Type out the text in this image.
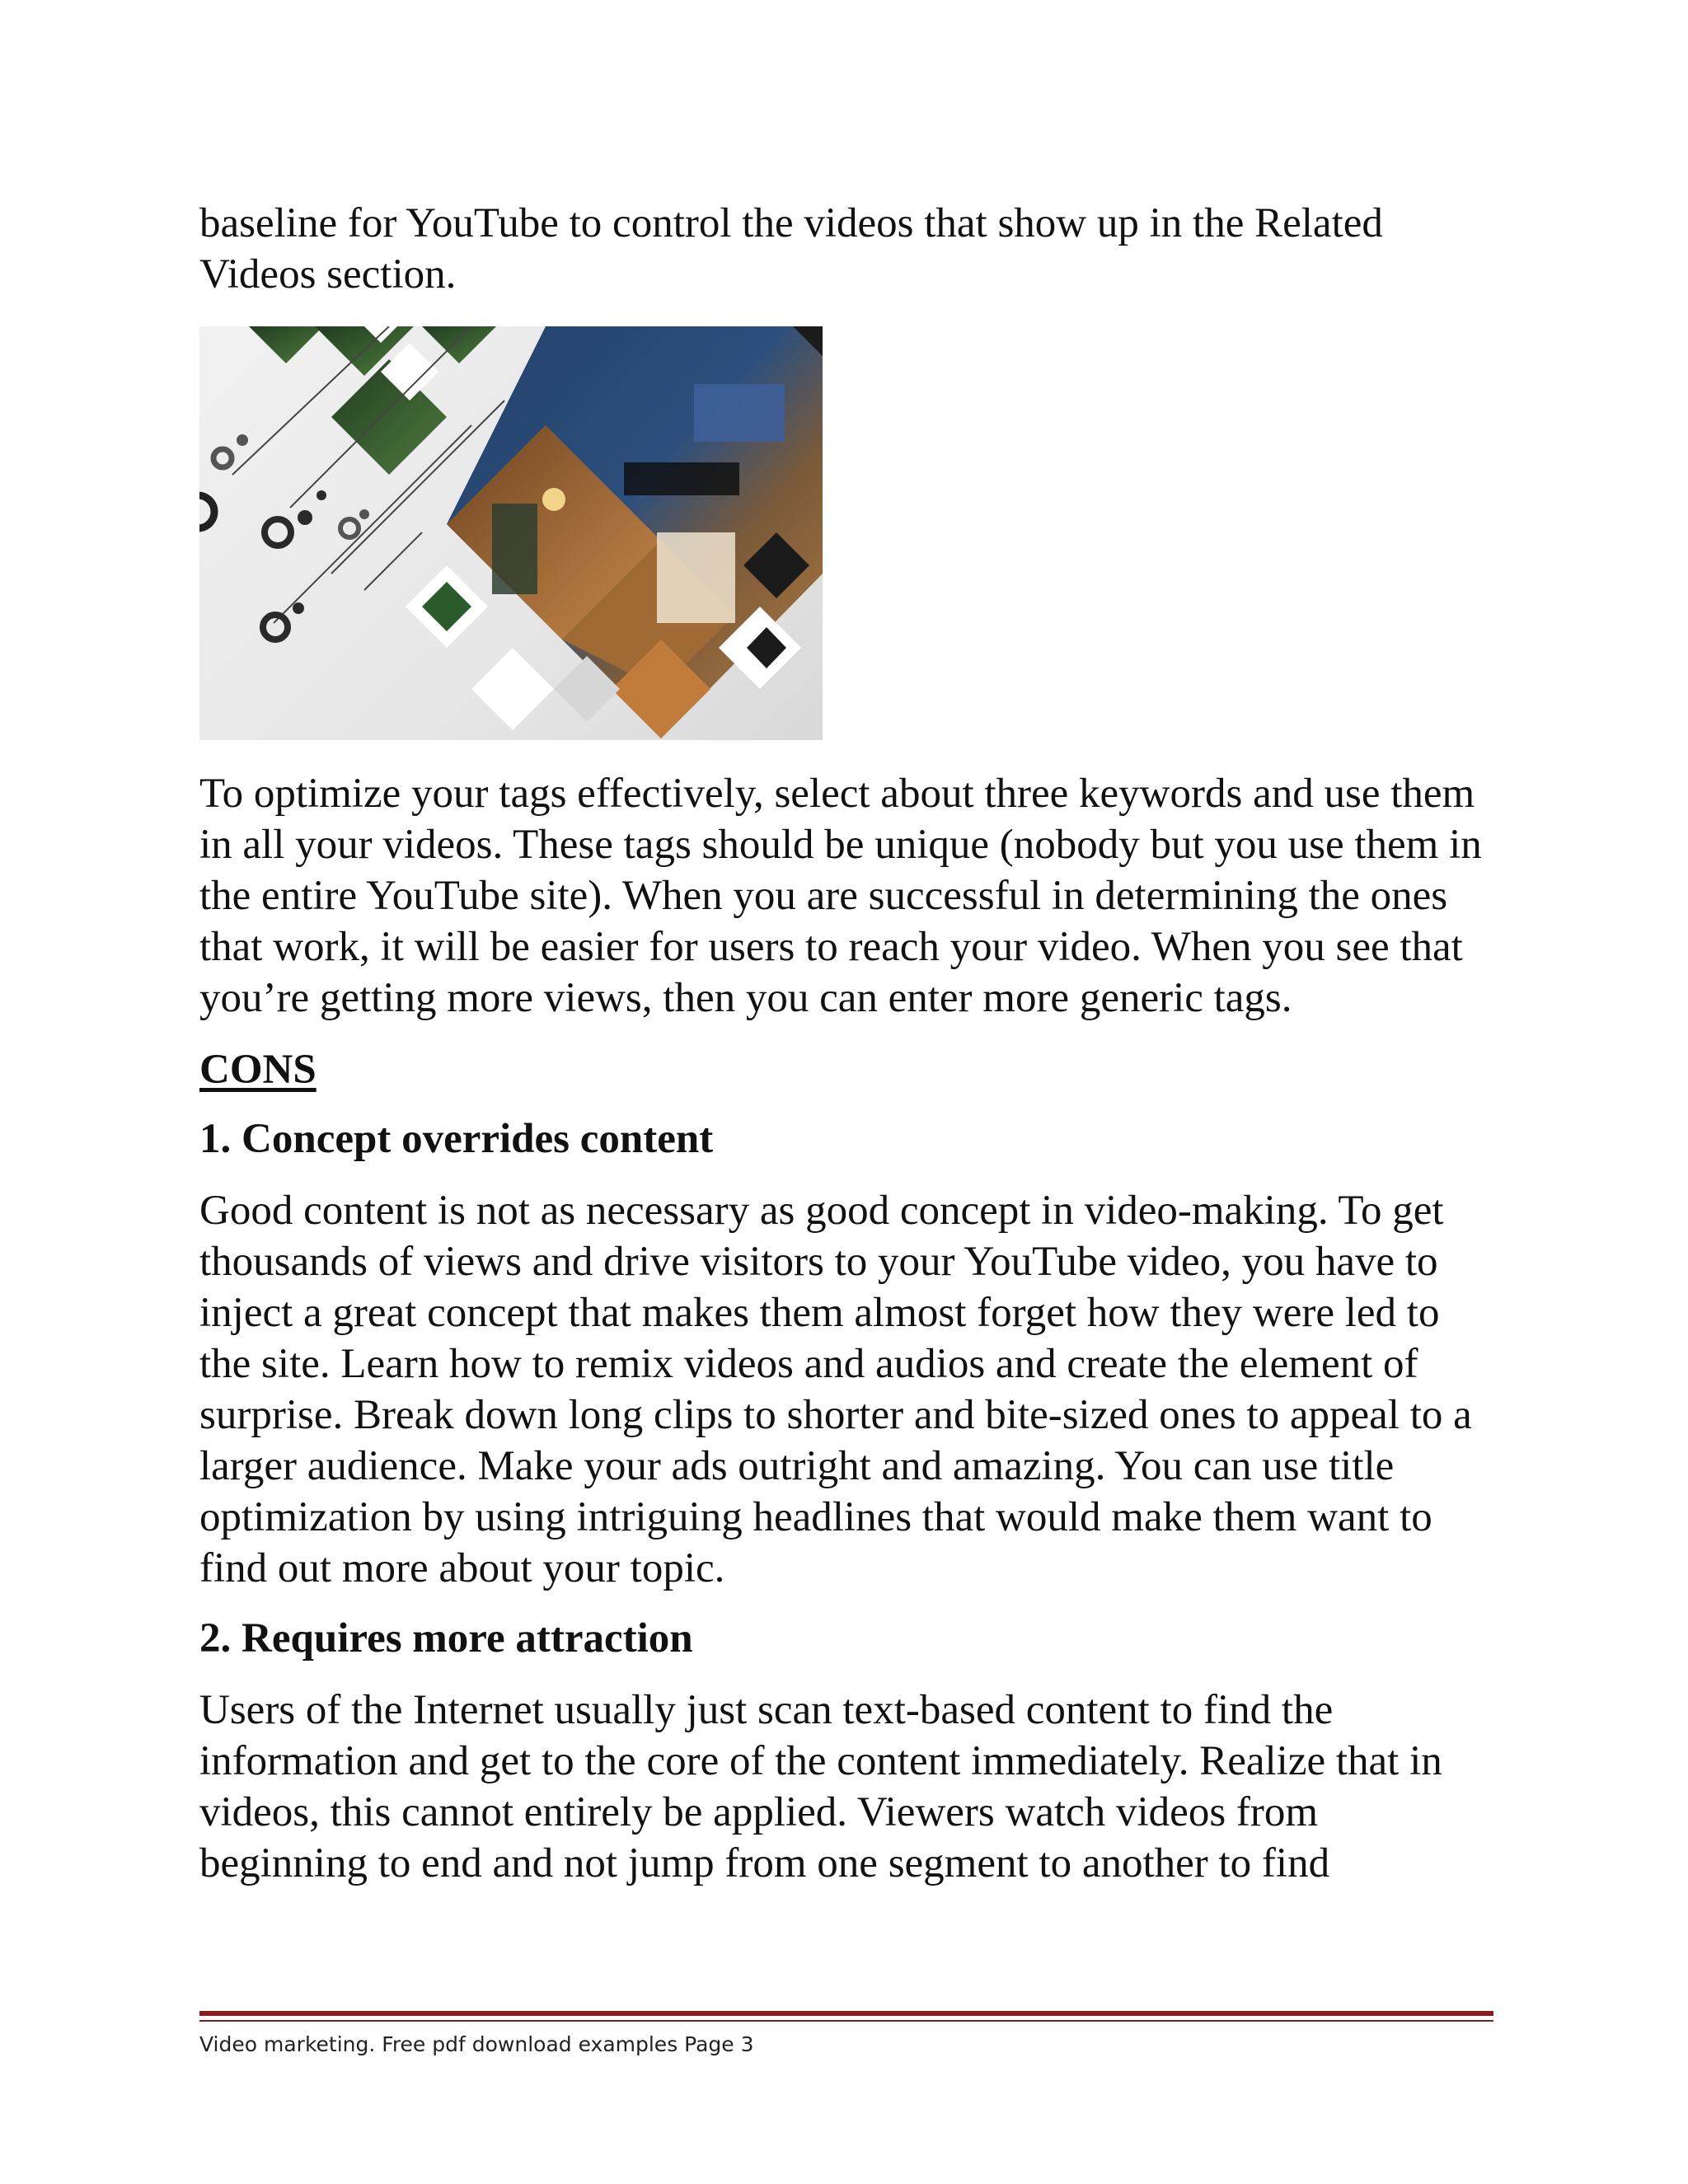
baseline for YouTube to control the videos that show up in the Related Videos section.

To optimize your tags effectively, select about three keywords and use them in all your videos. These tags should be unique (nobody but you use them in the entire YouTube site). When you are successful in determining the ones that work, it will be easier for users to reach your video. When you see that you’re getting more views, then you can enter more generic tags.

CONS
1. Concept overrides content

Good content is not as necessary as good concept in video-making. To get thousands of views and drive visitors to your YouTube video, you have to inject a great concept that makes them almost forget how they were led to the site. Learn how to remix videos and audios and create the element of surprise. Break down long clips to shorter and bite-sized ones to appeal to a larger audience. Make your ads outright and amazing. You can use title optimization by using intriguing headlines that would make them want to find out more about your topic.

2. Requires more attraction

Users of the Internet usually just scan text-based content to find the information and get to the core of the content immediately. Realize that in videos, this cannot entirely be applied. Viewers watch videos from beginning to end and not jump from one segment to another to find

Video marketing. Free pdf download examples Page 3
